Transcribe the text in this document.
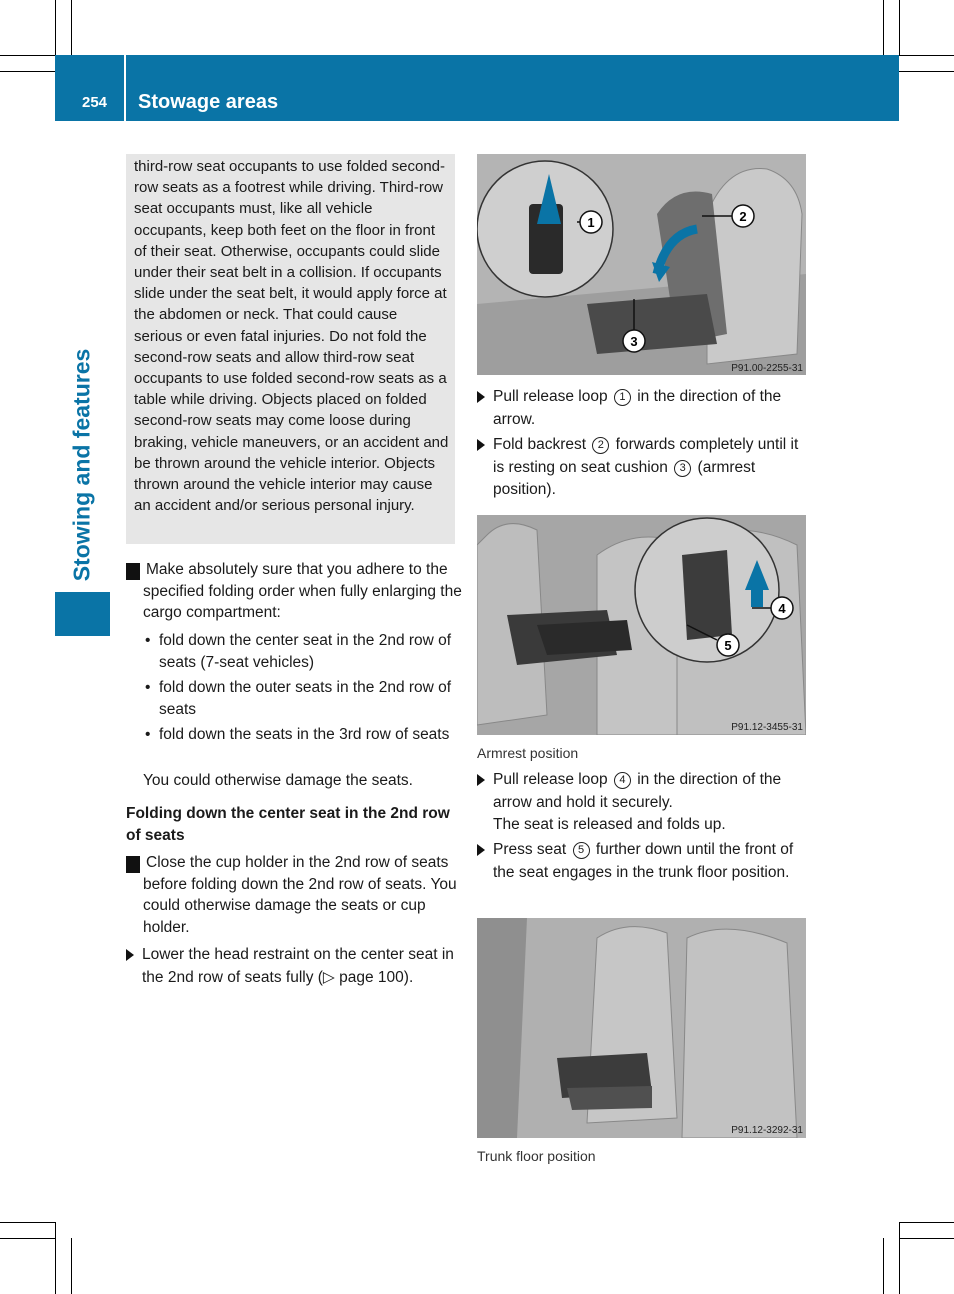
254 Stowage areas
Stowing and features

third-row seat occupants to use folded second-row seats as a footrest while driving. Third-row seat occupants must, like all vehicle occupants, keep both feet on the floor in front of their seat. Otherwise, occupants could slide under their seat belt in a collision. If occupants slide under the seat belt, it would apply force at the abdomen or neck. That could cause serious or even fatal injuries. Do not fold the second-row seats and allow third-row seat occupants to use folded second-row seats as a table while driving. Objects placed on folded second-row seats may come loose during braking, vehicle maneuvers, or an accident and be thrown around the vehicle interior. Objects thrown around the vehicle interior may cause an accident and/or serious personal injury.

! Make absolutely sure that you adhere to the specified folding order when fully enlarging the cargo compartment:

• fold down the center seat in the 2nd row of seats (7-seat vehicles)
• fold down the outer seats in the 2nd row of seats
• fold down the seats in the 3rd row of seats

You could otherwise damage the seats.

Folding down the center seat in the 2nd row of seats

! Close the cup holder in the 2nd row of seats before folding down the 2nd row of seats. You could otherwise damage the seats or cup holder.

Lower the head restraint on the center seat in the 2nd row of seats fully (▷ page 100).

1	2
3
P91.00-2255-31

Pull release loop 1 in the direction of the arrow.

Fold backrest 2 forwards completely until it is resting on seat cushion 3 (armrest position).

4
5
P91.12-3455-31
Armrest position
Pull release loop 4 in the direction of the arrow and hold it securely.
The seat is released and folds up.

Press seat 5 further down until the front of the seat engages in the trunk floor position.

P91.12-3292-31
Trunk floor position
